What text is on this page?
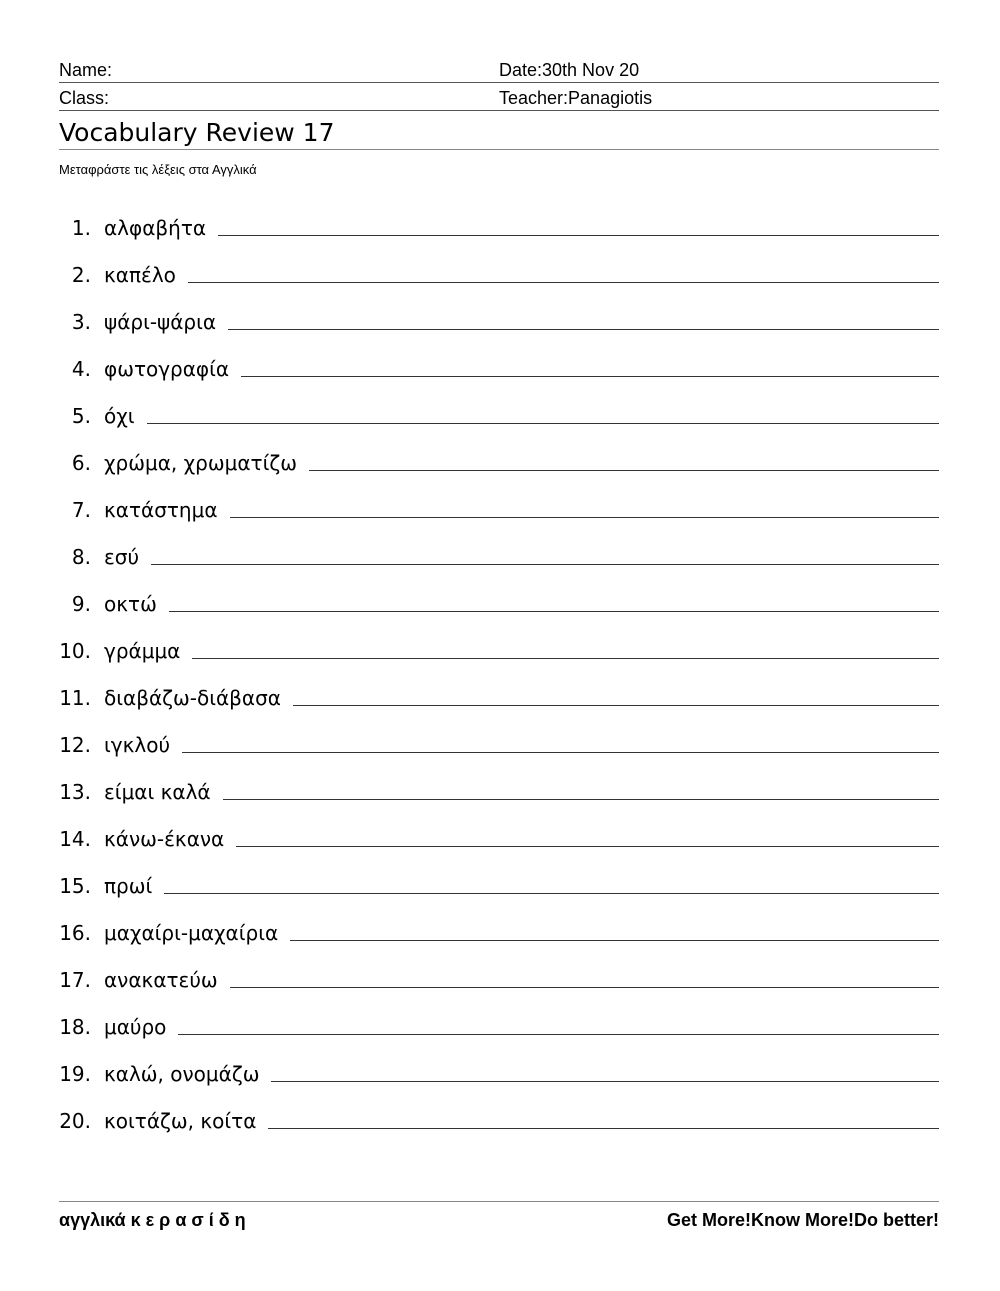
Name:	Date:30th Nov 20
Class:	Teacher:Panagiotis
Vocabulary Review 17
Μεταφράστε τις λέξεις στα Αγγλικά
1. αλφαβήτα
2. καπέλο
3. ψάρι-ψάρια
4. φωτογραφία
5. όχι
6. χρώμα, χρωματίζω
7. κατάστημα
8. εσύ
9. οκτώ
10. γράμμα
11. διαβάζω-διάβασα
12. ιγκλού
13. είμαι καλά
14. κάνω-έκανα
15. πρωί
16. μαχαίρι-μαχαίρια
17. ανακατεύω
18. μαύρο
19. καλώ, ονομάζω
20. κοιτάζω, κοίτα
αγγλικά κ ε ρ α σ ί δ η	Get More!Know More!Do better!
